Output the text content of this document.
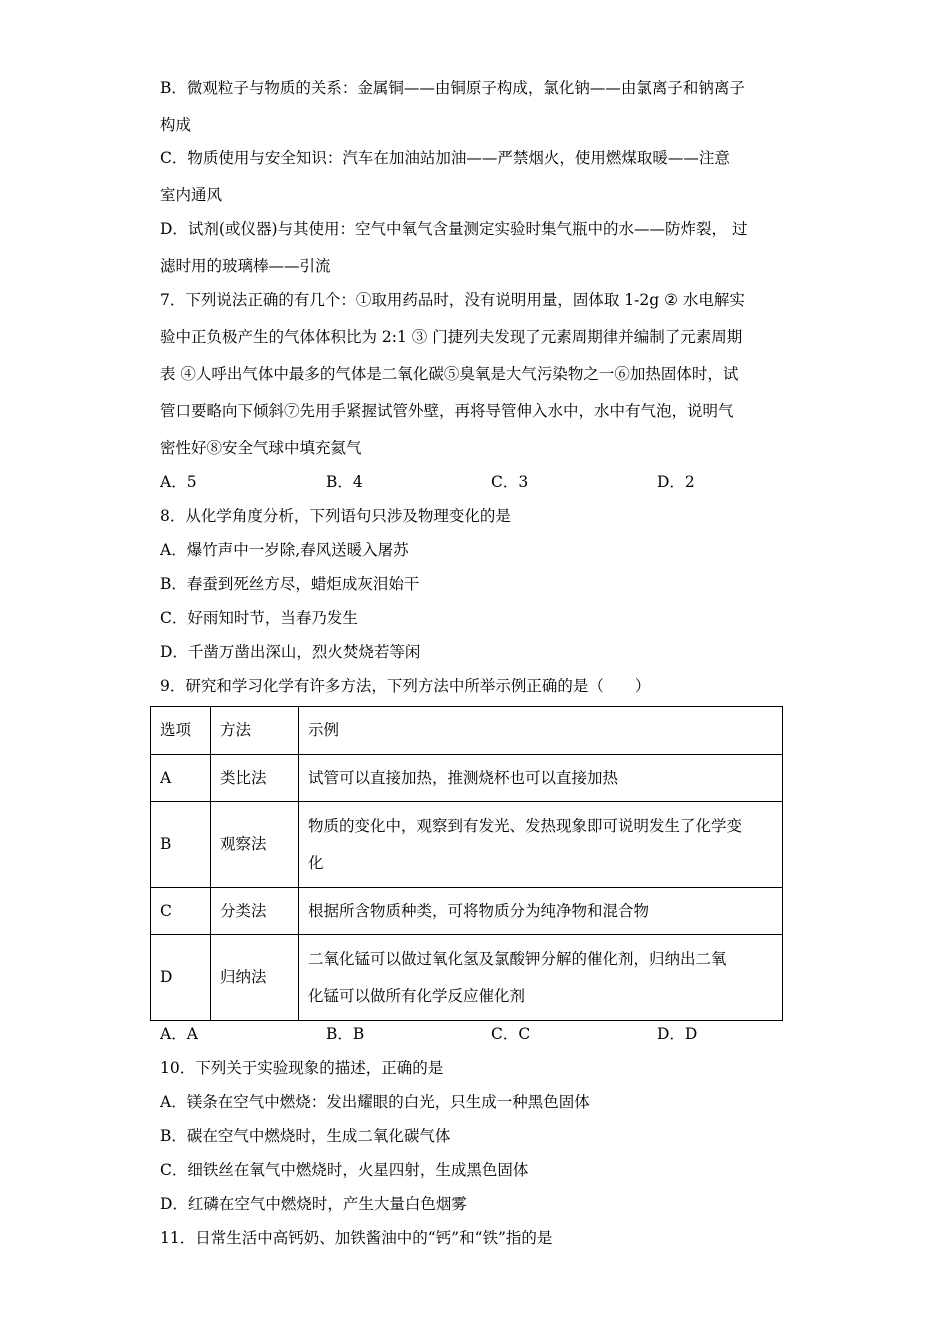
B．微观粒子与物质的关系：金属铜——由铜原子构成，氯化钠——由氯离子和钠离子
构成
C．物质使用与安全知识：汽车在加油站加油——严禁烟火，使用燃煤取暖——注意
室内通风
D．试剂(或仪器)与其使用：空气中氧气含量测定实验时集气瓶中的水——防炸裂， 过
滤时用的玻璃棒——引流
7．下列说法正确的有几个：①取用药品时，没有说明用量，固体取 1-2g ② 水电解实
验中正负极产生的气体体积比为 2:1 ③ 门捷列夫发现了元素周期律并编制了元素周期
表 ④人呼出气体中最多的气体是二氧化碳⑤臭氧是大气污染物之一⑥加热固体时，试
管口要略向下倾斜⑦先用手紧握试管外壁，再将导管伸入水中，水中有气泡，说明气
密性好⑧安全气球中填充氦气
A．5	B．4	C．3	D．2
8．从化学角度分析，下列语句只涉及物理变化的是
A．爆竹声中一岁除,春风送暖入屠苏
B．春蚕到死丝方尽，蜡炬成灰泪始干
C．好雨知时节，当春乃发生
D．千凿万凿出深山，烈火焚烧若等闲
9．研究和学习化学有许多方法，下列方法中所举示例正确的是（　　）
选项	方法	示例
A	类比法	试管可以直接加热，推测烧杯也可以直接加热

B	观察法	物质的变化中，观察到有发光、发热现象即可说明发生了化学变
化

C	分类法	根据所含物质种类，可将物质分为纯净物和混合物

D	归纳法	二氧化锰可以做过氧化氢及氯酸钾分解的催化剂，归纳出二氧
化锰可以做所有化学反应催化剂
A．A	B．B	C．C	D．D
10．下列关于实验现象的描述，正确的是
A．镁条在空气中燃烧：发出耀眼的白光，只生成一种黑色固体
B．碳在空气中燃烧时，生成二氧化碳气体
C．细铁丝在氧气中燃烧时，火星四射，生成黑色固体
D．红磷在空气中燃烧时，产生大量白色烟雾
11．日常生活中高钙奶、加铁酱油中的“钙”和“铁”指的是
